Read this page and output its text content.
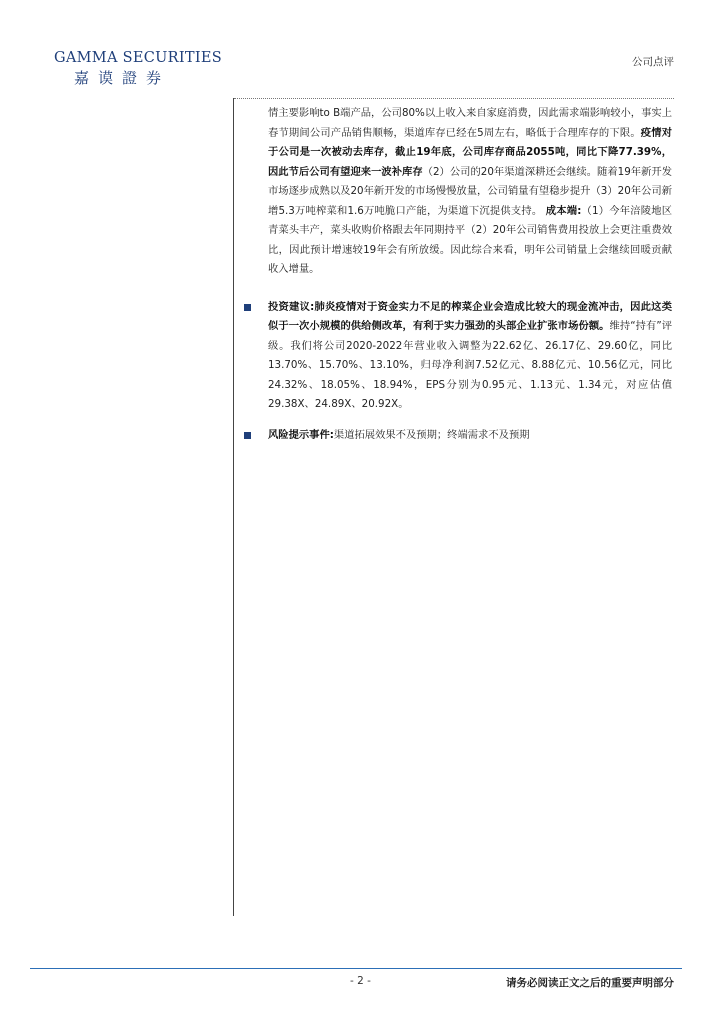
GAMMA SECURITIES
嘉谟證券
公司点评

情主要影响to B端产品，公司80%以上收入来自家庭消费，因此需求端影响较小，事实上春节期间公司产品销售顺畅，渠道库存已经在5周左右，略低于合理库存的下限。疫情对于公司是一次被动去库存，截止19年底，公司库存商品2055吨，同比下降77.39%，因此节后公司有望迎来一波补库存（2）公司的20年渠道深耕还会继续。随着19年新开发市场逐步成熟以及20年新开发的市场慢慢放量，公司销量有望稳步提升（3）20年公司新增5.3万吨榨菜和1.6万吨脆口产能，为渠道下沉提供支持。 成本端:（1）今年涪陵地区青菜头丰产，菜头收购价格跟去年同期持平（2）20年公司销售费用投放上会更注重费效比，因此预计增速较19年会有所放缓。因此综合来看，明年公司销量上会继续回暖贡献收入增量。

投资建议:肺炎疫情对于资金实力不足的榨菜企业会造成比较大的现金流冲击，因此这类似于一次小规模的供给侧改革，有利于实力强劲的头部企业扩张市场份额。维持“持有”评级。我们将公司2020-2022年营业收入调整为22.62亿、26.17亿、29.60亿，同比13.70%、15.70%、13.10%，归母净利润7.52亿元、8.88亿元、10.56亿元，同比24.32%、18.05%、18.94%，EPS分别为0.95元、1.13元、1.34元，对应估值29.38X、24.89X、20.92X。

风险提示事件:渠道拓展效果不及预期；终端需求不及预期

- 2 -	请务必阅读正文之后的重要声明部分
